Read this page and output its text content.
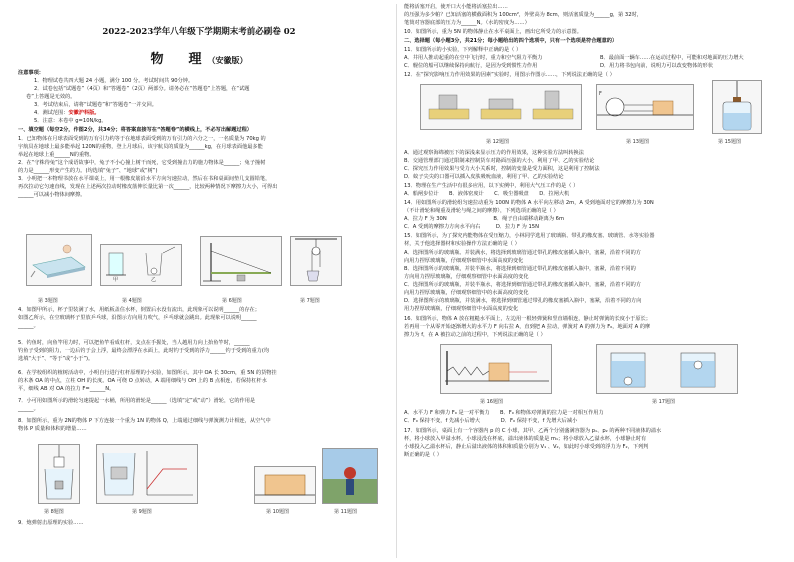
2022-2023学年八年级下学期期末考前必刷卷 02
物　理（安徽版）
注意事项：
1．物理试卷共四大题 24 小题，满分 100 分。考试时间共 90分钟。
2．试卷包括“试题卷”（4页）和“答题卷”（2页）两部分。请务必在“答题卷”上答题，在“试题
卷”上答题是无效的。
3．考试结束后，请将“试题卷”和“答题卷”一并交回。
4．测试范围：安徽沪科版。
5．注意：本卷中 g=10N/kg。
一、填空题（每空2分，作图2分，共34分；将答案直接写在“答题卷”的横线上，不必写出解题过程）
1．已知物体在月球表面受到的万有引力约等于在地球表面受到的万有引力的六分之一，一名质量为 70kg 的
宇航员在地球上最多能举起 120N的重物，登上月球后，该宇航员的质量为______kg，在月球表面他最多能
举起在地球上重______N的重物。
2．在“守株待兔”这个成语故事中，兔子不小心撞上树干而死，它受到撞击力的施力物体是______；兔子撞树
的力是______形变产生的力。(均选填“兔子”、“地球”或“树”)
3．小明把一本物理书放在水平课桌上，用一根橡皮筋沿水平方向匀速拉动，然后在书和桌面间垫几支圆铅笔，
再次拉动它匀速直线，发现在上述两次拉动时橡皮筋伸长量比第一次______，比较两种情况下摩擦力大小，可得出
______可以减小物体间摩擦。
第 3题图
甲	乙
第 4题图	第 6题图	第 7题图
4．如图甲所示，杯子里装满了水，用纸板盖住水杯，倒置后水没有流出，此现象可以说明______的存在；
如图乙所示，在空玻璃杯子里放乒乓球，沿图示方向用力吹气，乒乓球就会跳出。此现象可以说明______
______。
5．钓鱼时，向鱼竿用力时，可以把鱼竿看成杠杆，支点在手握处，当人越用力向上抬鱼竿时，______
钓鱼子受到的阻力，一边后钓于会上浮，最终会漂浮在水面上，此时钓于受到的浮力______钓于受到的重力(均
选填“大于”、“等于”或“小于”)。
6．在学校组织的植树活动中，小明自行进行杠杆原理的小实验，如图所示。其中 OA 长 30cm，重 5N 的货物挂
的木条 OA 的中点，立柱 OH 的长度。OA 可绕 O 点转动，A 端用细线与 OH 上的 B 点相连，若保持杠杆水
平，细线 AB 对 OA 的拉力 F=______N。
7．小可用如图所示的滑轮匀速提起一水桶，所用的滑轮是______（选填“定”或“动”）滑轮，它的作用是
______。
8．如图所示，重为 2N的物体 P 下方连接一个重为 1N 的物体 Q，上端通过细线与弹簧测力计相连，从空气中
物体 P 质量和体积的增量……
第 8题图	第 9题图	第 10题图	第 11题图
9．炮弹射击原理的实验……
能将活塞开启，使开口大小能将活塞拉出……
的压强为多少帕？已知活塞的横截面积为 100cm²，外壁高为 8cm，则活塞质量为______g，第 32时，
笔筒对容器底部的压力为______N。（水的密度为……）
10．如图所示，重为 5N 的物体静止在水平桌面上，画出它所受力的示意图。
二、选择题（每小题3分，共21分；每小题给出的四个选项中，只有一个选项是符合题意的）
11．如图所示的小实验，下列解释中正确的是（ ）
A．井用人推动起重的在空中飞行时，重力和空气阻力平衡力	B．最前面一辆车……在运动过程中，可能和对地面的压力增大
C．舰位的船可以继续保持向航行，是因为受到惯性力作用	D．用力将书包向前，说明力可以改变物体的形状
12．在“探究影响压力作用效果的因素”实验时，用图示作图示……，下列说法正确的是（ ）
第 12题图
F
第 13题图	第 15题图
A．通过观察海绵被压下的深浅来显示压力的作用效果，这种实验方法叫转换法
B．交通管理部门通过限制来控制货车对路面压强的大小，利用了甲、乙的实验结论
C．探究压力作用效果与受力大小关系时，控制的变量是受力面积，这是利用了控制法
D．蚊子尖尖的口器可以插入皮肤吸吮血液，利用了甲、乙的实验结论
13．物理在生产生活中有很多应用，以下实例中，利用大气压工作的是（ ）
A．船闸步位计　　B．液体密度计　　C．吸尘器吸盘　　D．拉闸大机
14．用如图所示的滑轮组匀速拉动重为 100N 的物体 A 水平向左移动 2m，A 受到地面对它的摩擦力为 30N
（不计滑轮和绳重及滑轮与绳之间的摩擦），下列选项正确的是（ ）
A．拉力 F 为 30N　　　　　　　　　B．绳子自由端移动距离为 6m
C．A 受到的摩擦力方向水平向右　　　D．拉力 F 为 15N
15．如图所示，为了探究内能物体在受压缩力，小林同学选用了玻璃瓶、带孔的橡皮塞、玻璃管、水等实验器
材，关于他选择器材和实验操作方法正确的是（ ）
A．选择图所示的玻璃瓶、并装满水，将选择到玻璃管通过带孔的橡皮塞插入瓶中，塞紧，沿着不同的方
向用力捏厚玻璃瓶，仔细观察细管中水面高度的变化
B．选择图所示的玻璃瓶，并装半瓶水，将选择到细管通过带孔的橡皮塞插入瓶中，塞紧，沿着不同的
方向用力捏厚玻璃瓶，仔细观察细管中水面高度的变化
C．选择图所示的玻璃瓶，并装半瓶水，将选择到细管通过带孔的橡皮塞插入瓶中，塞紧，沿着不同的方
向用力捏厚玻璃瓶，仔细观察细管中的水面高度的变化
D．选择图所示的玻璃瓶，并装满水，将选择到细管通过带孔的橡皮塞插入瓶中，塞紧，沿着不同的方向
用力捏厚玻璃瓶，仔细观察细管中水面高度的变化
16．如图所示，物体 A 放在粗糙水平面上，左边用一根轻弹簧和竖直墙相连，静止时弹簧的长度小于原长；
若再用一个从零开始逐渐增大的水平力 F 向右拉 A，直到把 A 拉动，弹簧对 A 的弹力为 F₀，地面对 A 的摩
擦力为 f，在 A 被拉动之前的过程中，下列说法正确的是（ ）
第 16题图	第 17题图
A．水平力 F 和弹力 F₀ 是一对平衡力　　B．F₀ 和物体对弹簧的拉力是一对相互作用力
C．F₀ 保持不变，f 先减小后增大　　　　D．F₀ 保持不变，f 先增大后减小
17．如图所示，桌面上有一个容器内 p 的 C 小球，其甲、乙两个分别盛满容器为 p₁、p₂ 的两种不同液体的溢水
杯，将小球放入甲溢水杯，小球浸没在杯底，溢出液体的质量是 m₁；将小球放入乙溢水杯，小球静止时有
小球投入乙溢水杯后，静止后溢出液体的体积和质量分别为 V₁ 、V₂，如此时小球受到的浮力为 F₂，下列判
断正确的是（ ）
